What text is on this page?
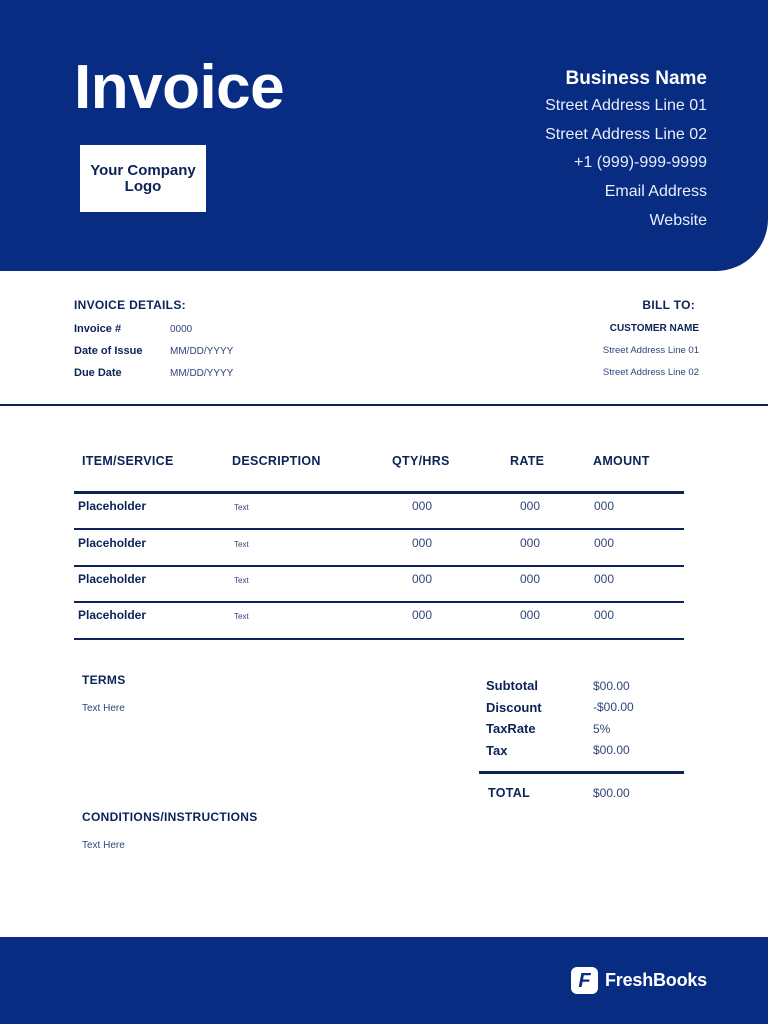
Invoice
Your Company Logo
Business Name
Street Address Line 01
Street Address Line 02
+1 (999)-999-9999
Email Address
Website
INVOICE DETAILS:
Invoice #	0000
Date of Issue	MM/DD/YYYY
Due Date	MM/DD/YYYY
BILL TO:
CUSTOMER NAME
Street Address Line 01
Street Address Line 02
ITEM/SERVICE	DESCRIPTION	QTY/HRS	RATE	AMOUNT
Placeholder	Text	000	000	000
Placeholder	Text	000	000	000
Placeholder	Text	000	000	000
Placeholder	Text	000	000	000
TERMS
Text Here
CONDITIONS/INSTRUCTIONS
Text Here
Subtotal	$00.00
Discount	-$00.00
TaxRate	5%
Tax	$00.00
TOTAL	$00.00
F FreshBooks
